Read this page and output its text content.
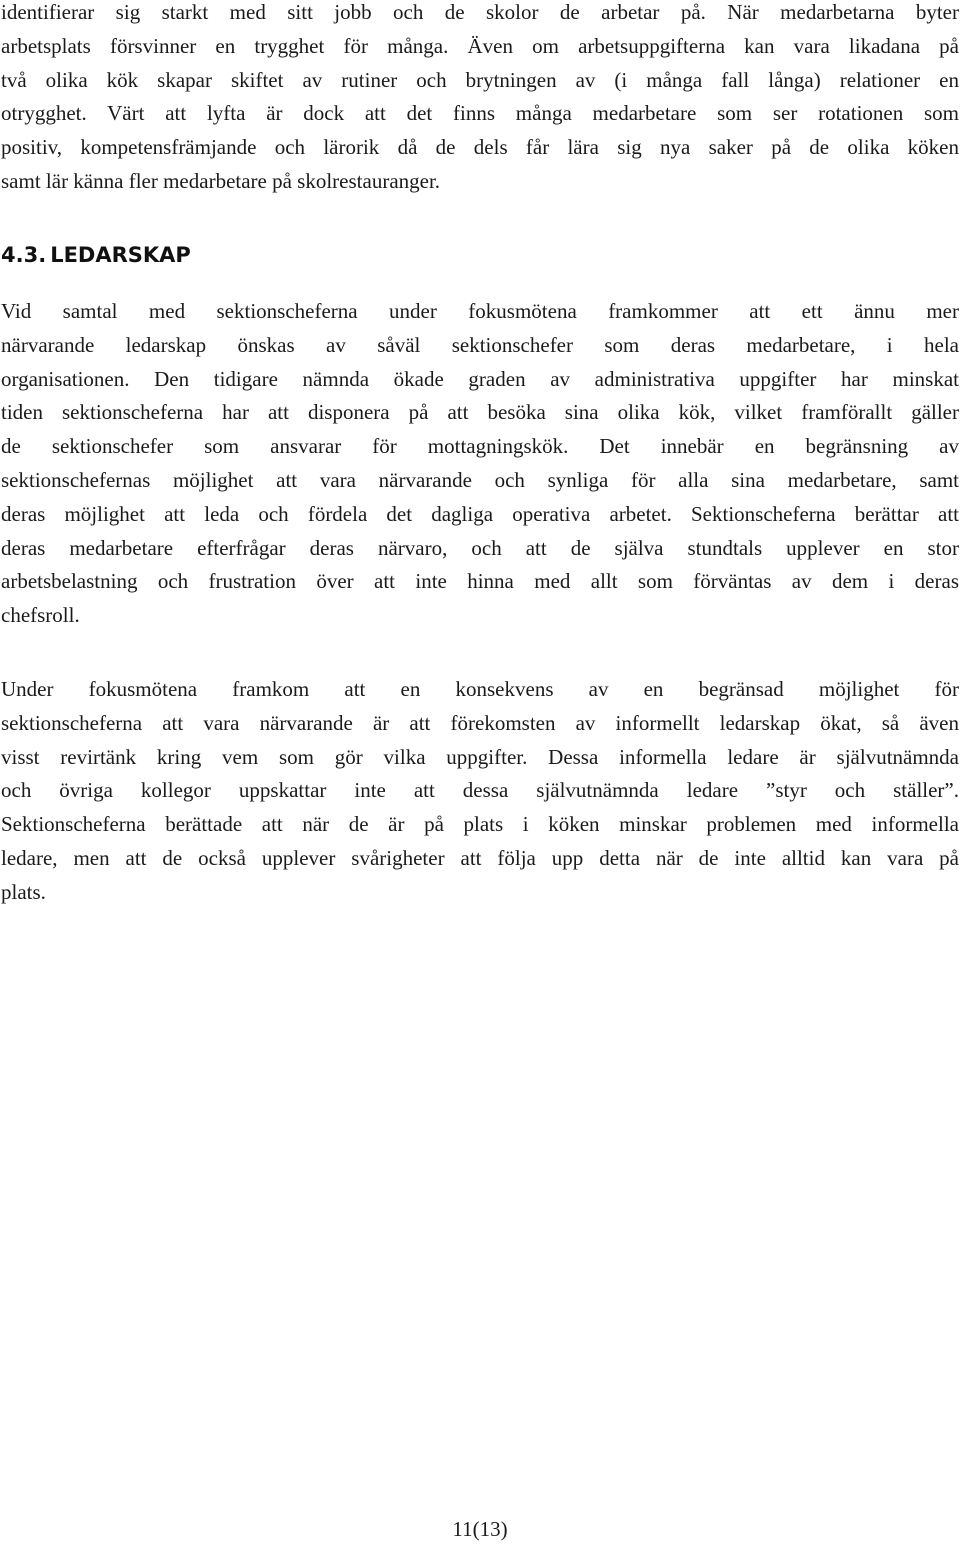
identifierar sig starkt med sitt jobb och de skolor de arbetar på. När medarbetarna byter
arbetsplats försvinner en trygghet för många. Även om arbetsuppgifterna kan vara likadana på
två olika kök skapar skiftet av rutiner och brytningen av (i många fall långa) relationer en
otrygghet. Värt att lyfta är dock att det finns många medarbetare som ser rotationen som
positiv, kompetensfrämjande och lärorik då de dels får lära sig nya saker på de olika köken
samt lär känna fler medarbetare på skolrestauranger.

4.3. LEDARSKAP

Vid samtal med sektionscheferna under fokusmötena framkommer att ett ännu mer
närvarande ledarskap önskas av såväl sektionschefer som deras medarbetare, i hela
organisationen. Den tidigare nämnda ökade graden av administrativa uppgifter har minskat
tiden sektionscheferna har att disponera på att besöka sina olika kök, vilket framförallt gäller
de sektionschefer som ansvarar för mottagningskök. Det innebär en begränsning av
sektionschefernas möjlighet att vara närvarande och synliga för alla sina medarbetare, samt
deras möjlighet att leda och fördela det dagliga operativa arbetet. Sektionscheferna berättar att
deras medarbetare efterfrågar deras närvaro, och att de själva stundtals upplever en stor
arbetsbelastning och frustration över att inte hinna med allt som förväntas av dem i deras
chefsroll.

Under fokusmötena framkom att en konsekvens av en begränsad möjlighet för
sektionscheferna att vara närvarande är att förekomsten av informellt ledarskap ökat, så även
visst revirtänk kring vem som gör vilka uppgifter. Dessa informella ledare är självutnämnda
och övriga kollegor uppskattar inte att dessa självutnämnda ledare ”styr och ställer”.
Sektionscheferna berättade att när de är på plats i köken minskar problemen med informella
ledare, men att de också upplever svårigheter att följa upp detta när de inte alltid kan vara på
plats.

11(13)
